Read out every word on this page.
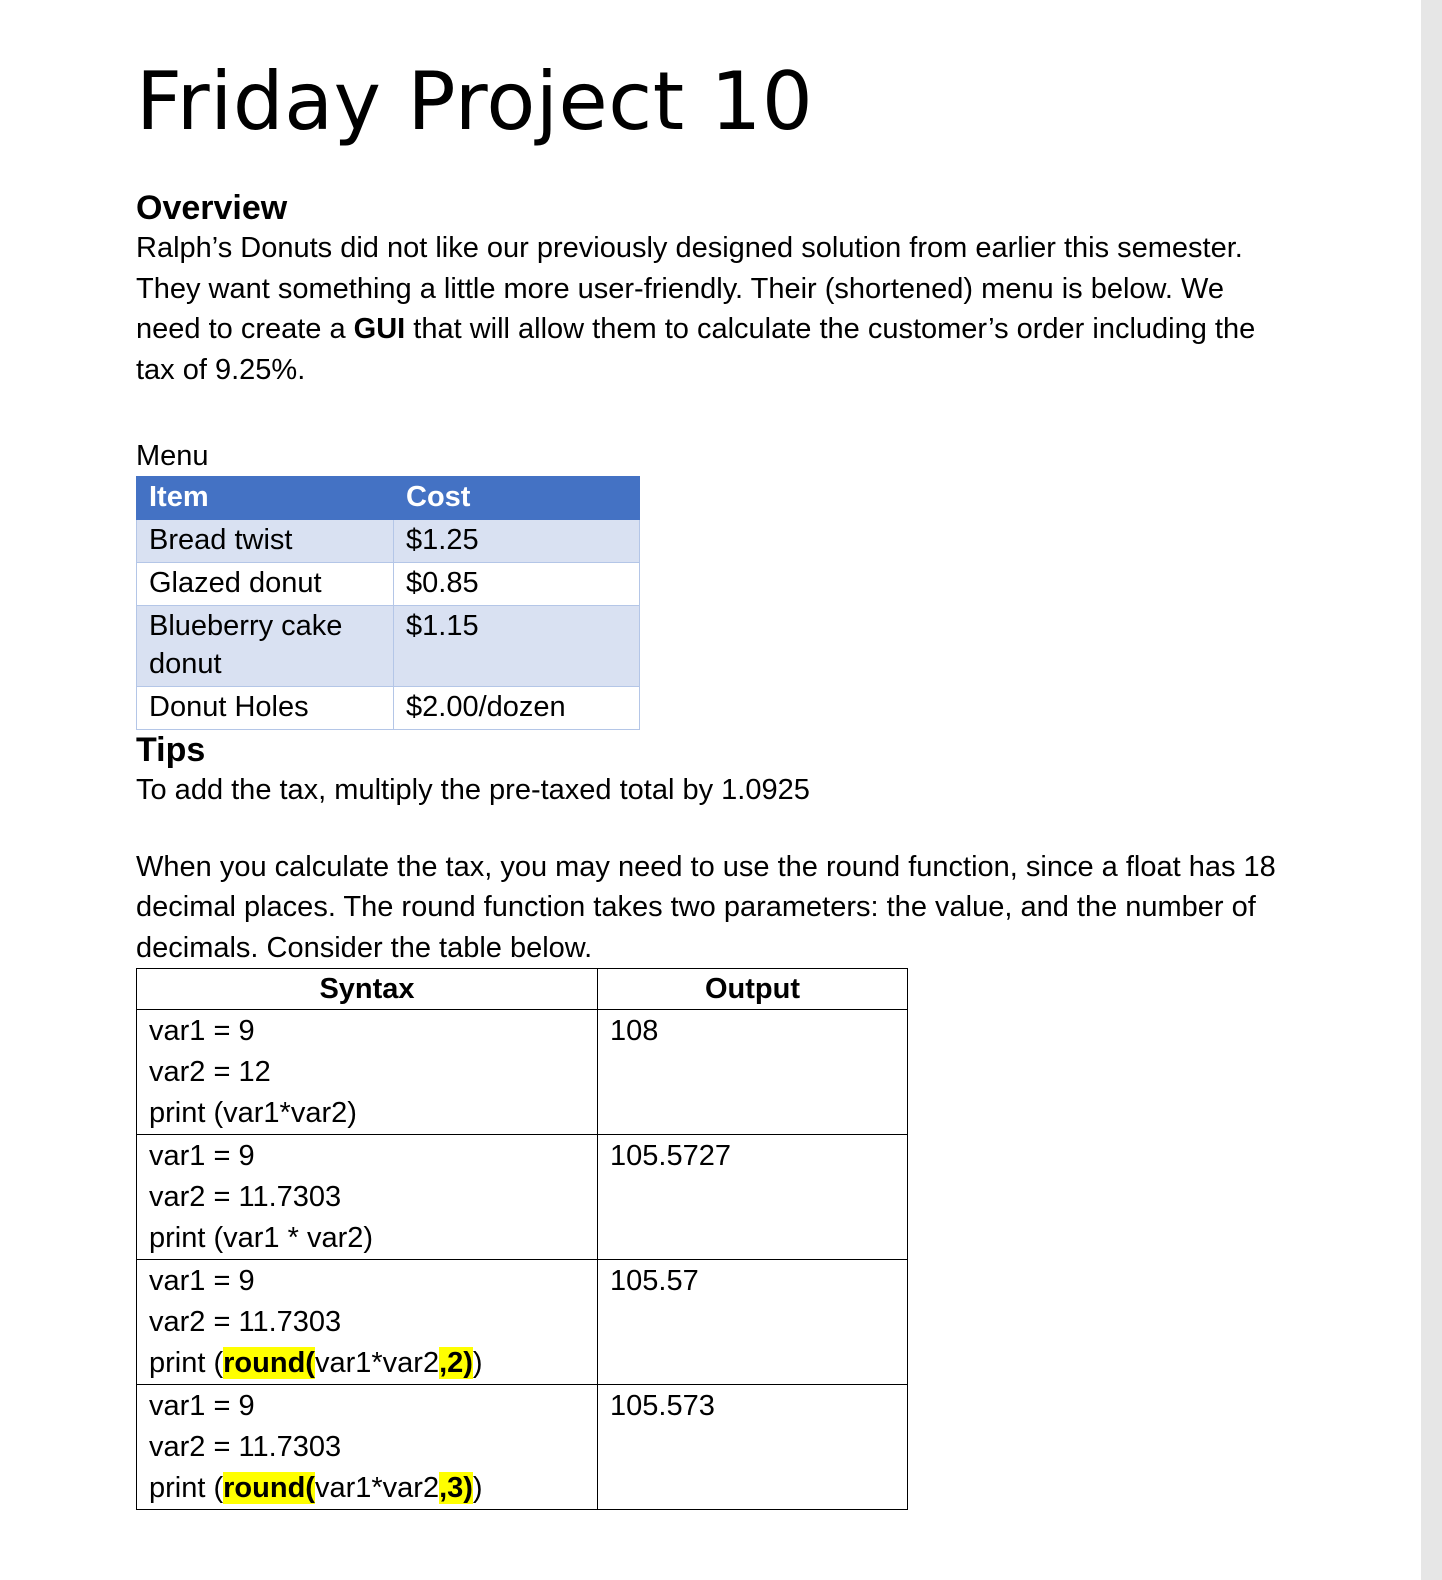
Friday Project 10
Overview

Ralph’s Donuts did not like our previously designed solution from earlier this semester. They want something a little more user-friendly. Their (shortened) menu is below. We need to create a GUI that will allow them to calculate the customer’s order including the tax of 9.25%.

Menu
Item	Cost
Bread twist	$1.25
Glazed donut	$0.85
Blueberry cake donut	$1.15
Donut Holes	$2.00/dozen
Tips

To add the tax, multiply the pre-taxed total by 1.0925

When you calculate the tax, you may need to use the round function, since a float has 18 decimal places. The round function takes two parameters: the value, and the number of decimals. Consider the table below.

Syntax	Output

var1 = 9
var2 = 12
print (var1*var2)	108

var1 = 9
var2 = 11.7303
print (var1 * var2)	105.5727

var1 = 9
var2 = 11.7303
print (round(var1*var2,2))	105.57

var1 = 9
var2 = 11.7303
print (round(var1*var2,3))	105.573
